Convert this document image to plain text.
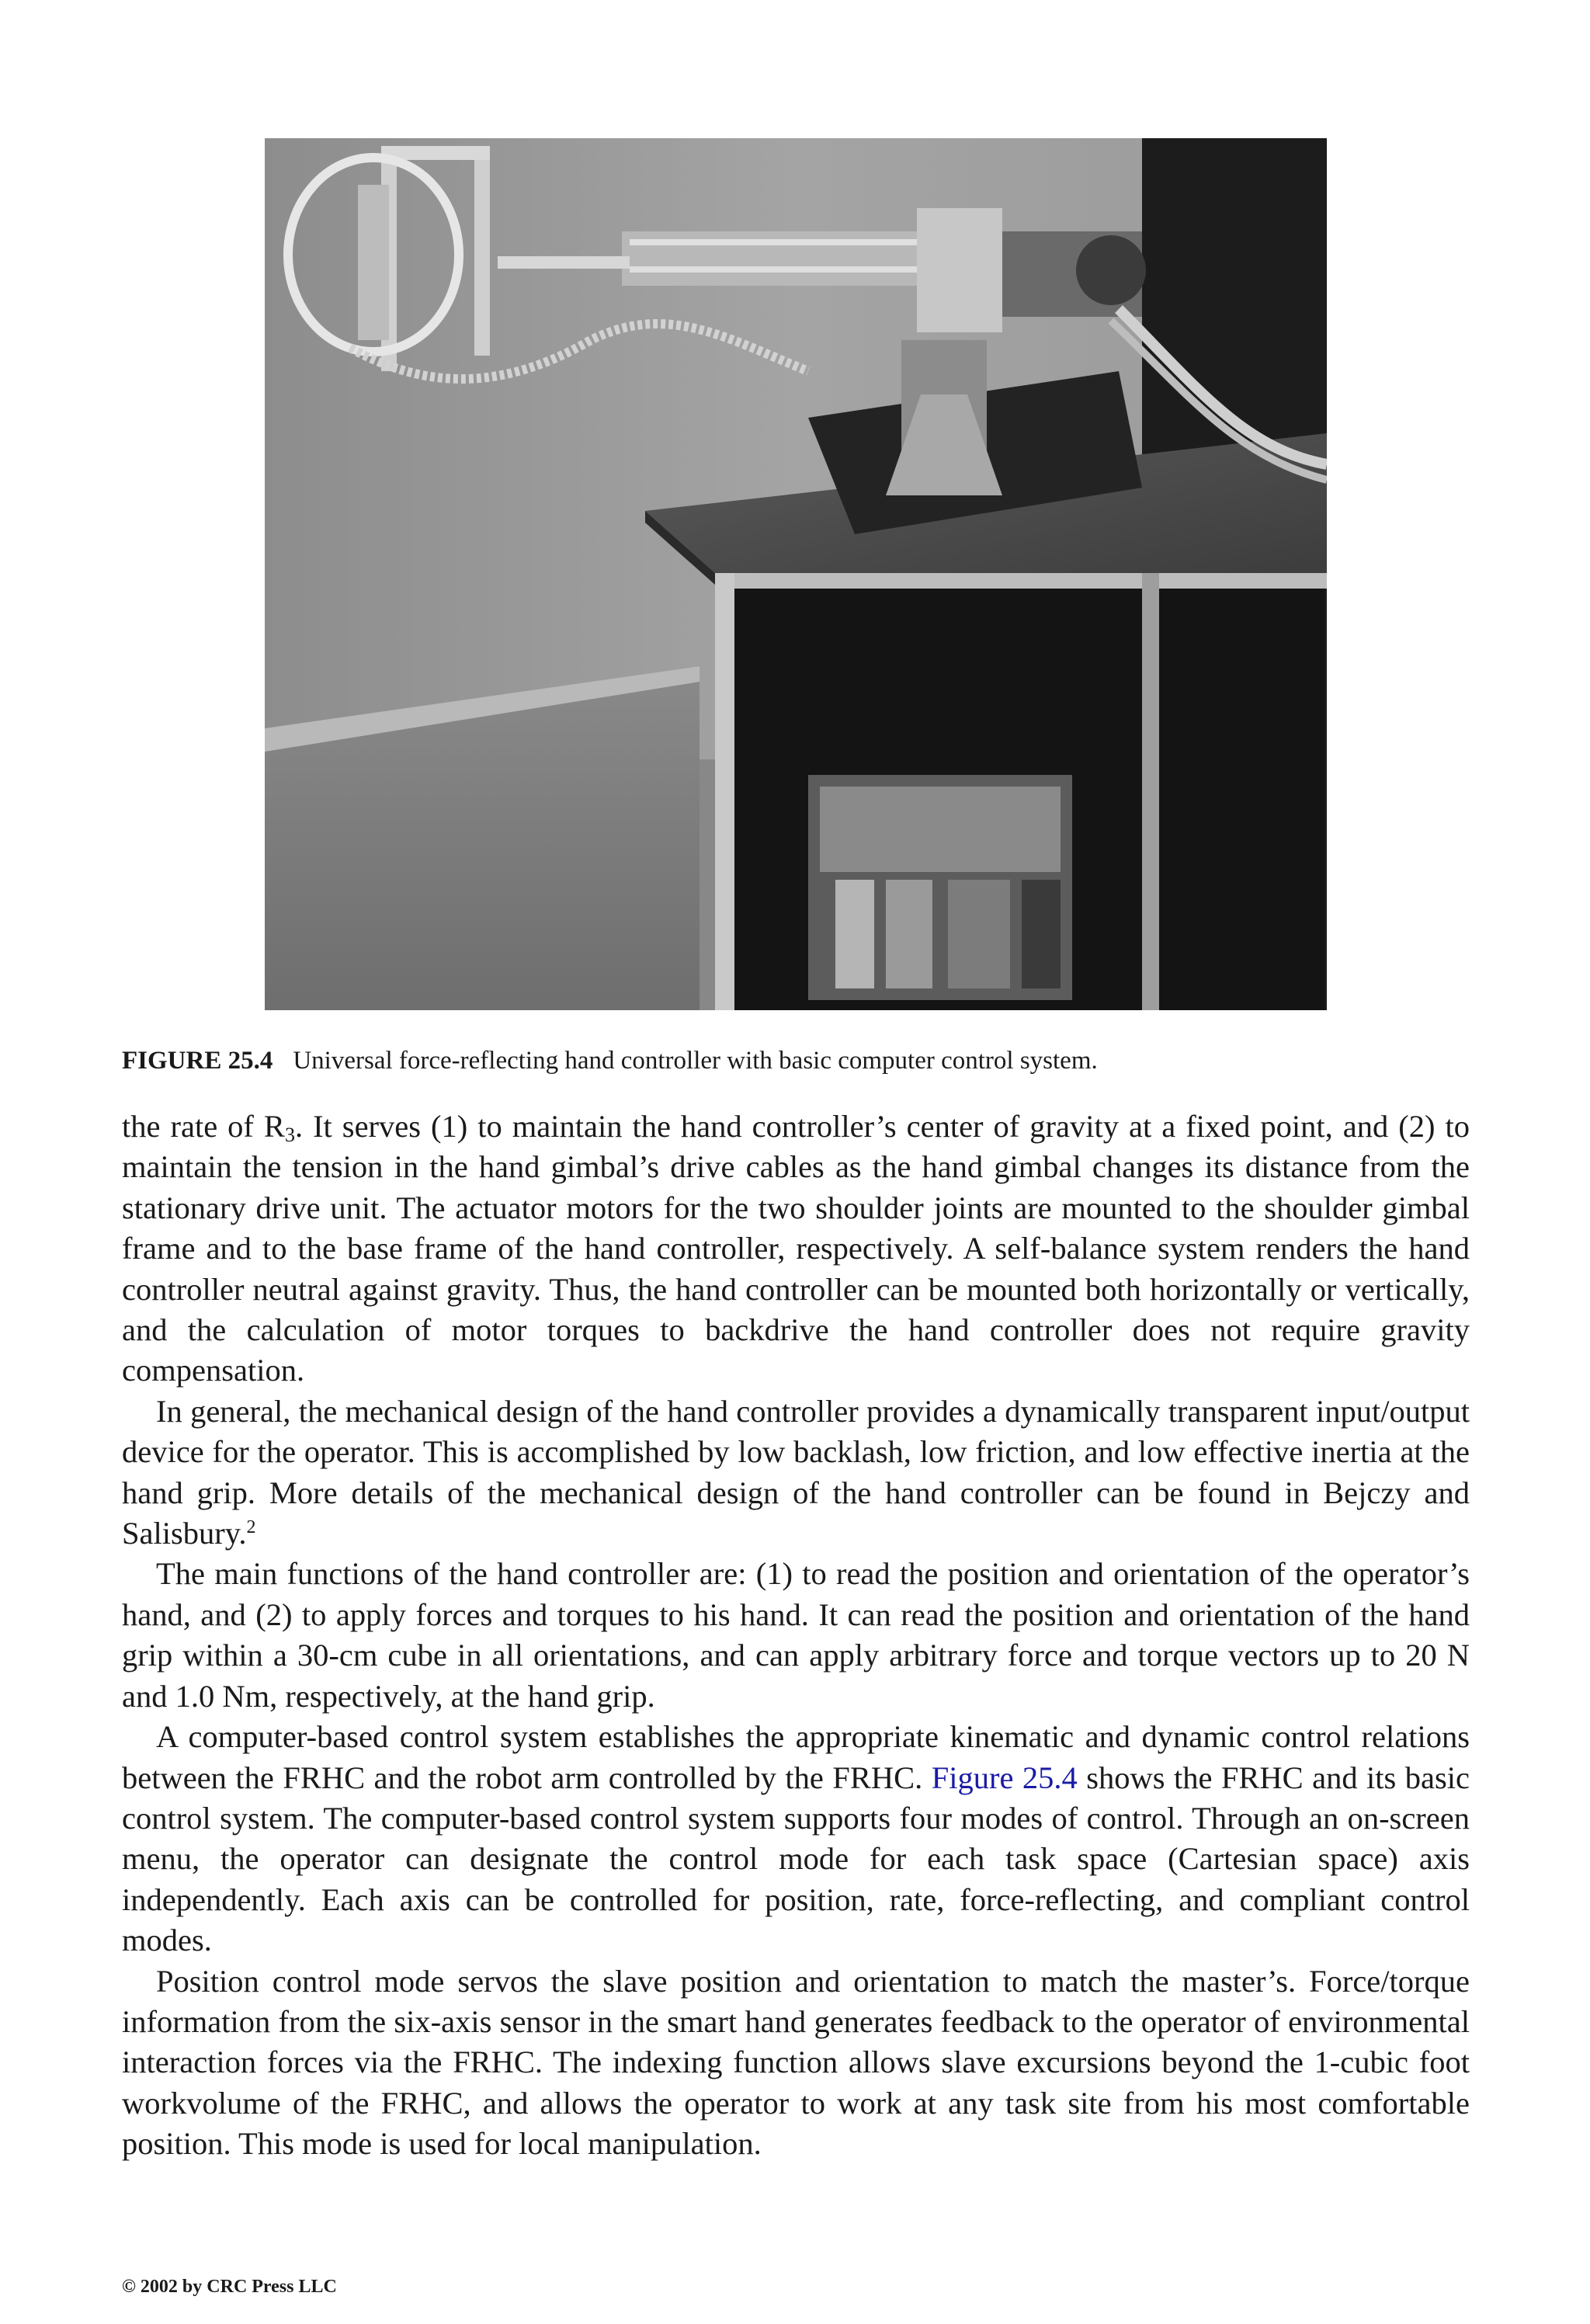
FIGURE 25.4 Universal force-reflecting hand controller with basic computer control system.

the rate of $R_3$. It serves (1) to maintain the hand controller’s center of gravity at a fixed point, and (2) to maintain the tension in the hand gimbal’s drive cables as the hand gimbal changes its distance from the stationary drive unit. The actuator motors for the two shoulder joints are mounted to the shoulder gimbal frame and to the base frame of the hand controller, respectively. A self-balance system renders the hand controller neutral against gravity. Thus, the hand controller can be mounted both horizontally or vertically, and the calculation of motor torques to backdrive the hand controller does not require gravity compensation.

In general, the mechanical design of the hand controller provides a dynamically transparent input/output device for the operator. This is accomplished by low backlash, low friction, and low effective inertia at the hand grip. More details of the mechanical design of the hand controller can be found in Bejczy and Salisbury.$^2$

The main functions of the hand controller are: (1) to read the position and orientation of the operator’s hand, and (2) to apply forces and torques to his hand. It can read the position and orientation of the hand grip within a 30-cm cube in all orientations, and can apply arbitrary force and torque vectors up to 20 N and 1.0 Nm, respectively, at the hand grip.

A computer-based control system establishes the appropriate kinematic and dynamic control relations between the FRHC and the robot arm controlled by the FRHC. Figure 25.4 shows the FRHC and its basic control system. The computer-based control system supports four modes of control. Through an on-screen menu, the operator can designate the control mode for each task space (Cartesian space) axis independently. Each axis can be controlled for position, rate, force-reflecting, and compliant control modes.

Position control mode servos the slave position and orientation to match the master’s. Force/torque information from the six-axis sensor in the smart hand generates feedback to the operator of environmental interaction forces via the FRHC. The indexing function allows slave excursions beyond the 1-cubic foot workvolume of the FRHC, and allows the operator to work at any task site from his most comfortable position. This mode is used for local manipulation.

© 2002 by CRC Press LLC
